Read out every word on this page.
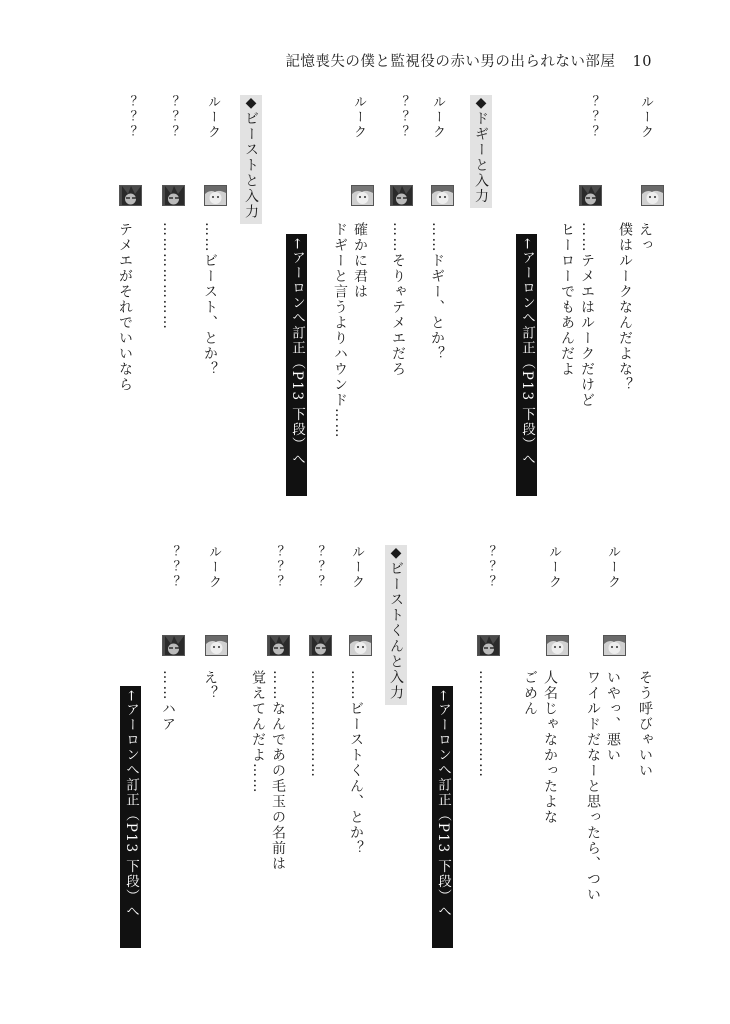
記憶喪失の僕と監視役の赤い男の出られない部屋 10
ルーク
えっ
僕はルークなんだよな？
？？？
……テメエはルークだけど
ヒーローでもあんだよ
←アーロンへ訂正（P13 下段）へ
◆ドギーと入力
ルーク
……ドギー、とか？
？？？
……そりゃテメエだろ
ルーク
確かに君は
ドギーと言うよりハウンド……
←アーロンへ訂正（P13 下段）へ
◆ビーストと入力
ルーク
……ビースト、とか？
？？？
…………………
？？？
テメエがそれでいいなら
そう呼びゃいい
ルーク
いやっ、悪い
ワイルドだなーと思ったら、つい
ルーク
人名じゃなかったよな
ごめん
？？？
…………………
←アーロンへ訂正（P13 下段）へ
◆ビーストくんと入力
ルーク
……ビーストくん、とか？
？？？
…………………
？？？
……なんであの毛玉の名前は
覚えてんだよ……
ルーク
え？
？？？
……ハア
←アーロンへ訂正（P13 下段）へ
